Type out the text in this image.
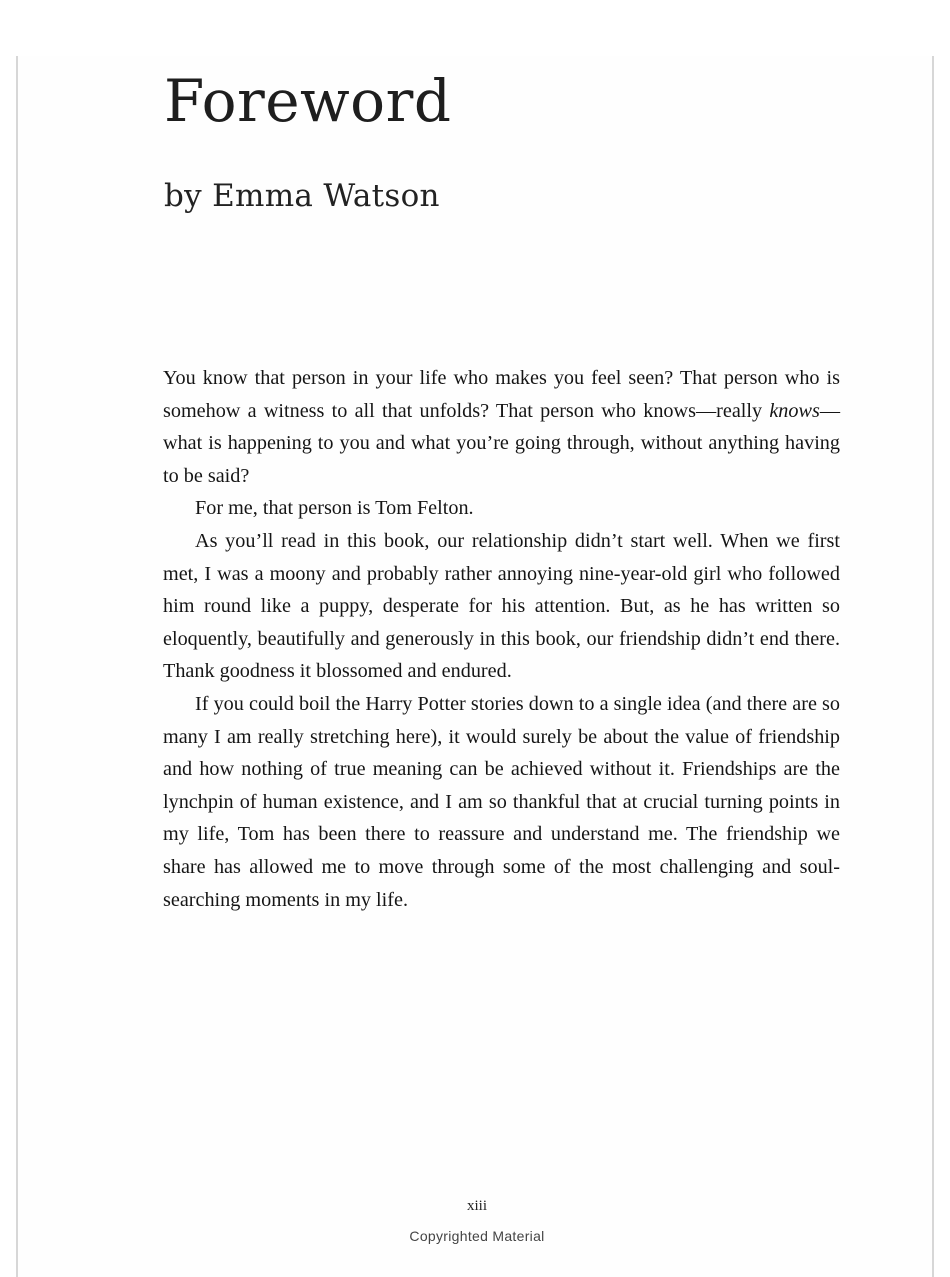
Foreword
by Emma Watson

You know that person in your life who makes you feel seen? That person who is somehow a witness to all that unfolds? That person who knows—really knows—what is happening to you and what you’re going through, without anything having to be said?

For me, that person is Tom Felton.

As you’ll read in this book, our relationship didn’t start well. When we first met, I was a moony and probably rather annoying nine-year-old girl who followed him round like a puppy, desperate for his attention. But, as he has written so eloquently, beautifully and generously in this book, our friendship didn’t end there. Thank goodness it blossomed and endured.

If you could boil the Harry Potter stories down to a single idea (and there are so many I am really stretching here), it would surely be about the value of friendship and how nothing of true meaning can be achieved without it. Friendships are the lynchpin of human existence, and I am so thankful that at crucial turning points in my life, Tom has been there to reassure and understand me. The friendship we share has allowed me to move through some of the most challenging and soul-searching moments in my life.

xiii
Copyrighted Material
